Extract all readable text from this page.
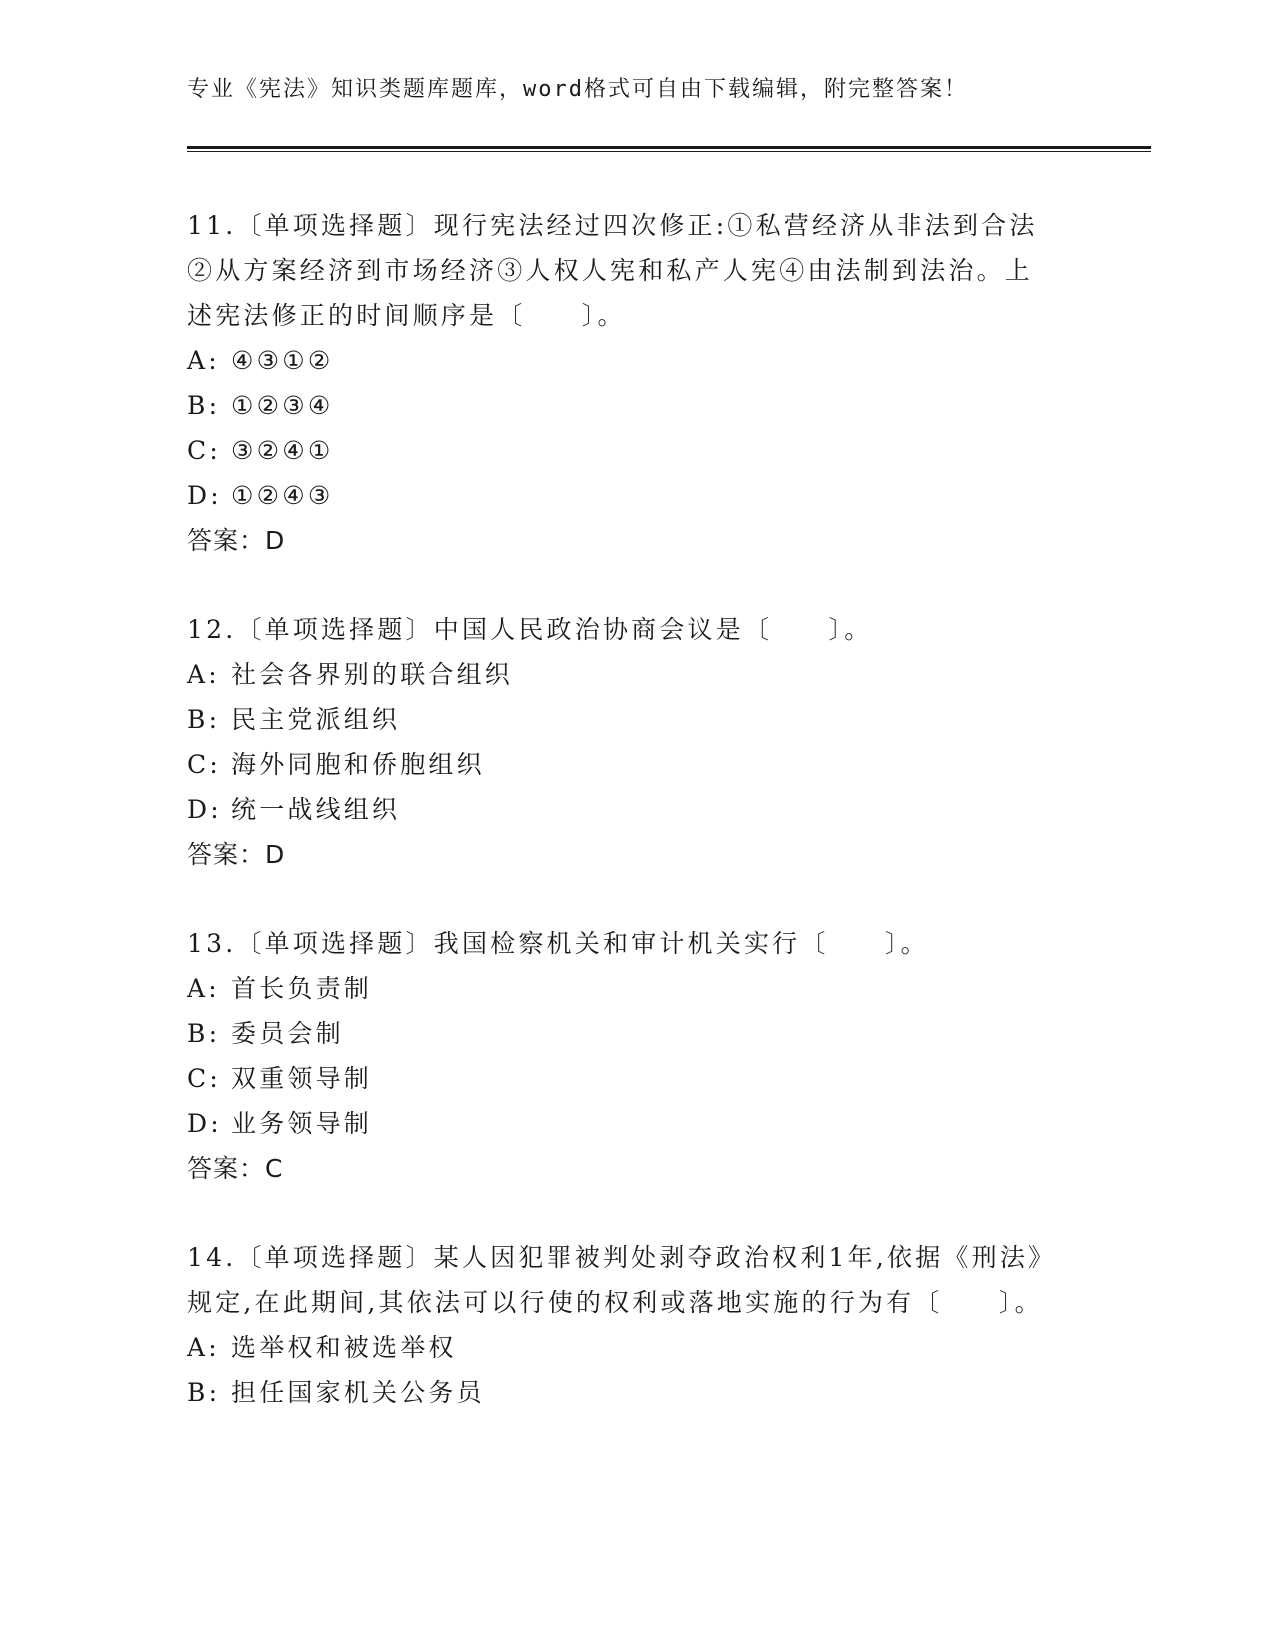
专业《宪法》知识类题库题库，word格式可自由下载编辑，附完整答案！

11.〔单项选择题〕现行宪法经过四次修正:①私营经济从非法到合法②从方案经济到市场经济③人权人宪和私产人宪④由法制到法治。上述宪法修正的时间顺序是〔　　〕。

A: ④③①②
B: ①②③④
C: ③②④①
D: ①②④③
答案：D

12.〔单项选择题〕中国人民政治协商会议是〔　　〕。

A: 社会各界别的联合组织
B: 民主党派组织
C: 海外同胞和侨胞组织
D: 统一战线组织
答案：D

13.〔单项选择题〕我国检察机关和审计机关实行〔　　〕。

A: 首长负责制
B: 委员会制
C: 双重领导制
D: 业务领导制
答案：C

14.〔单项选择题〕某人因犯罪被判处剥夺政治权利1年,依据《刑法》规定,在此期间,其依法可以行使的权利或落地实施的行为有〔　　〕。

A: 选举权和被选举权
B: 担任国家机关公务员
